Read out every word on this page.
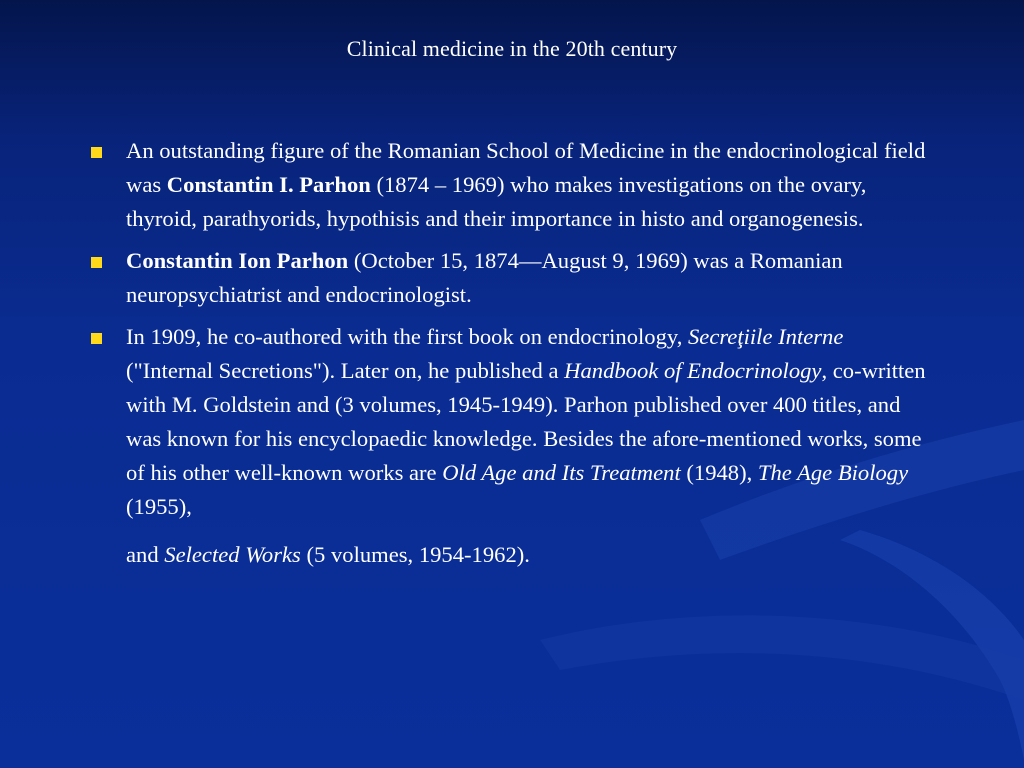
Clinical medicine in the 20th century
An outstanding figure of the Romanian School of Medicine in the endocrinological field was Constantin I. Parhon (1874 – 1969) who makes investigations on the ovary, thyroid, parathyorids, hypothisis and their importance in histo and organogenesis.
Constantin Ion Parhon (October 15, 1874—August 9, 1969) was a Romanian neuropsychiatrist and endocrinologist.
In 1909, he co-authored with the first book on endocrinology, Secreţiile Interne ("Internal Secretions"). Later on, he published a Handbook of Endocrinology, co-written with M. Goldstein and (3 volumes, 1945-1949). Parhon published over 400 titles, and was known for his encyclopaedic knowledge. Besides the afore-mentioned works, some of his other well-known works are Old Age and Its Treatment (1948), The Age Biology (1955),
and Selected Works (5 volumes, 1954-1962).
